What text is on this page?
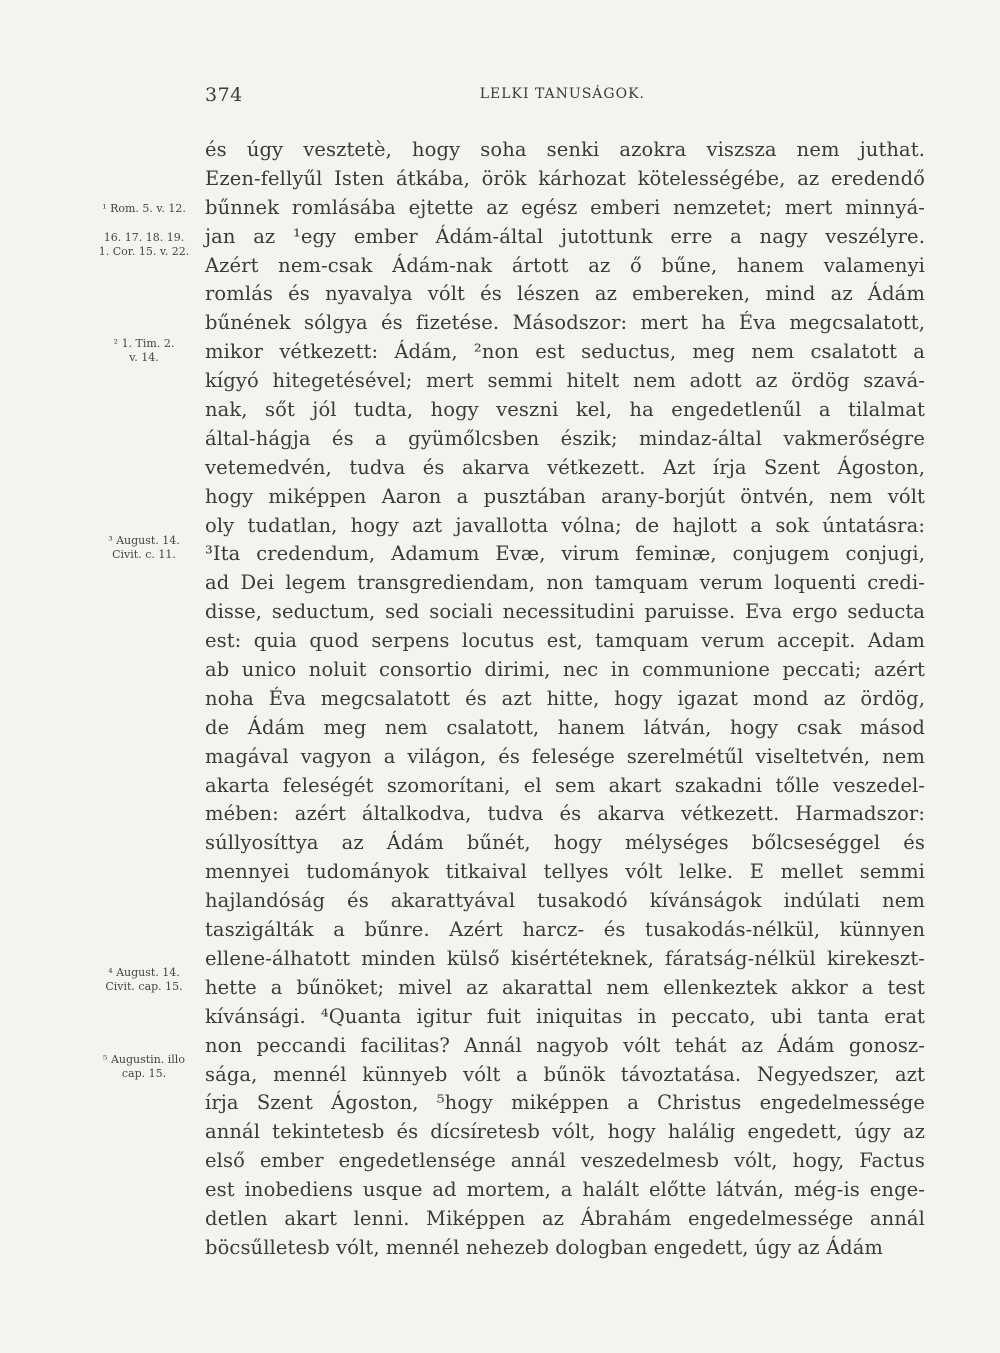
374	LELKI TANUSÁGOK.
¹ Rom. 5. v. 12.
16. 17. 18. 19.
1. Cor. 15. v. 22.
² 1. Tim. 2.
v. 14.
³ August. 14.
Civit. c. 11.
⁴ August. 14.
Civit. cap. 15.
⁵ Augustin. illo
cap. 15.
és úgy vesztetè, hogy soha senki azokra viszsza nem juthat.
Ezen-fellyűl Isten átkába, örök kárhozat kötelességébe, az eredendő
bűnnek romlásába ejtette az egész emberi nemzetet; mert minnyá-
jan az ¹egy ember Ádám-által jutottunk erre a nagy veszélyre.
Azért nem-csak Ádám-nak ártott az ő bűne, hanem valamenyi
romlás és nyavalya vólt és lészen az embereken, mind az Ádám
bűnének sólgya és fizetése. Másodszor: mert ha Éva megcsalatott,
mikor vétkezett: Ádám, ²non est seductus, meg nem csalatott a
kígyó hitegetésével; mert semmi hitelt nem adott az ördög szavá-
nak, sőt jól tudta, hogy veszni kel, ha engedetlenűl a tilalmat
által-hágja és a gyümőlcsben észik; mindaz-által vakmerőségre
vetemedvén, tudva és akarva vétkezett. Azt írja Szent Ágoston,
hogy miképpen Aaron a pusztában arany-borjút öntvén, nem vólt
oly tudatlan, hogy azt javallotta vólna; de hajlott a sok úntatásra:
³Ita credendum, Adamum Evæ, virum feminæ, conjugem conjugi,
ad Dei legem transgrediendam, non tamquam verum loquenti credi-
disse, seductum, sed sociali necessitudini paruisse. Eva ergo seducta
est: quia quod serpens locutus est, tamquam verum accepit. Adam
ab unico noluit consortio dirimi, nec in communione peccati; azért
noha Éva megcsalatott és azt hitte, hogy igazat mond az ördög,
de Ádám meg nem csalatott, hanem látván, hogy csak másod
magával vagyon a világon, és felesége szerelmétűl viseltetvén, nem
akarta feleségét szomorítani, el sem akart szakadni tőlle veszedel-
mében: azért általkodva, tudva és akarva vétkezett. Harmadszor:
súllyosíttya az Ádám bűnét, hogy mélységes bőlcseséggel és
mennyei tudományok titkaival tellyes vólt lelke. E mellet semmi
hajlandóság és akarattyával tusakodó kívánságok indúlati nem
taszigálták a bűnre. Azért harcz- és tusakodás-nélkül, künnyen
ellene-álhatott minden külső kisértéteknek, fáratság-nélkül kirekeszt-
hette a bűnöket; mivel az akarattal nem ellenkeztek akkor a test
kívánsági. ⁴Quanta igitur fuit iniquitas in peccato, ubi tanta erat
non peccandi facilitas? Annál nagyob vólt tehát az Ádám gonosz-
sága, mennél künnyeb vólt a bűnök távoztatása. Negyedszer, azt
írja Szent Ágoston, ⁵hogy miképpen a Christus engedelmessége
annál tekintetesb és dícsíretesb vólt, hogy halálig engedett, úgy az
első ember engedetlensége annál veszedelmesb vólt, hogy, Factus
est inobediens usque ad mortem, a halált előtte látván, még-is enge-
detlen akart lenni. Miképpen az Ábrahám engedelmessége annál
böcsűlletesb vólt, mennél nehezeb dologban engedett, úgy az Ádám
